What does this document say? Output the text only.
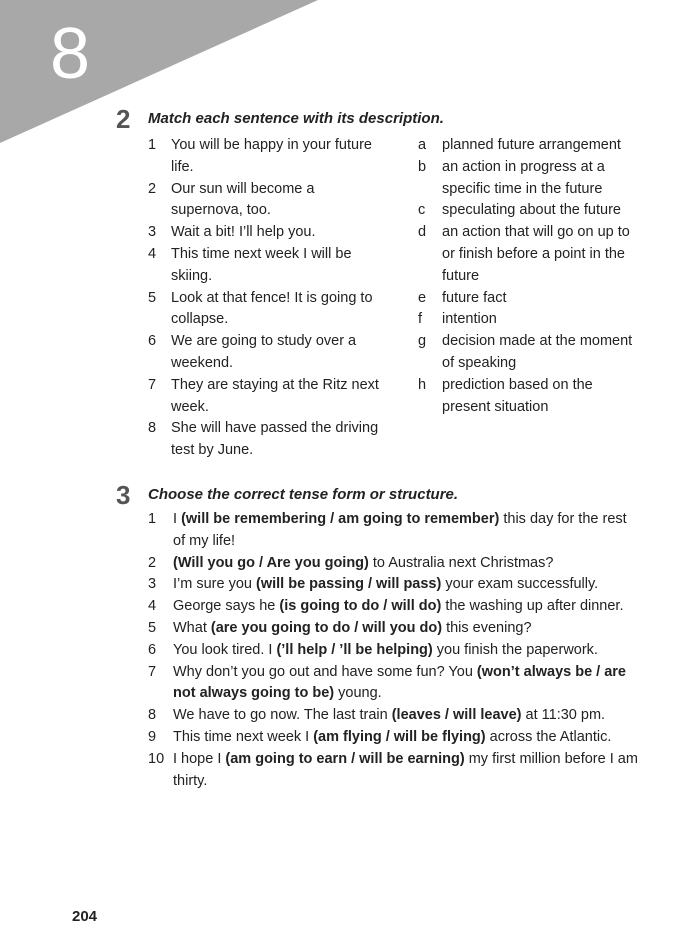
8
2 Match each sentence with its description.
1	You will be happy in your future life.
2	Our sun will become a supernova, too.
3	Wait a bit! I’ll help you.
4	This time next week I will be skiing.
5	Look at that fence! It is going to collapse.
6	We are going to study over a weekend.
7	They are staying at the Ritz next week.
8	She will have passed the driving test by June.
a	planned future arrangement
b	an action in progress at a specific time in the future
c	speculating about the future
d	an action that will go on up to or finish before a point in the future
e	future fact
f	intention
g	decision made at the moment of speaking
h	prediction based on the present situation
3 Choose the correct tense form or structure.
1	I (will be remembering / am going to remember) this day for the rest of my life!
2	(Will you go / Are you going) to Australia next Christmas?
3	I’m sure you (will be passing / will pass) your exam successfully.
4	George says he (is going to do / will do) the washing up after dinner.
5	What (are you going to do / will you do) this evening?
6	You look tired. I (’ll help / ’ll be helping) you finish the paperwork.
7	Why don’t you go out and have some fun? You (won’t always be / are not always going to be) young.
8	We have to go now. The last train (leaves / will leave) at 11:30 pm.
9	This time next week I (am flying / will be flying) across the Atlantic.
10 I hope I (am going to earn / will be earning) my first million before I am thirty.
204
